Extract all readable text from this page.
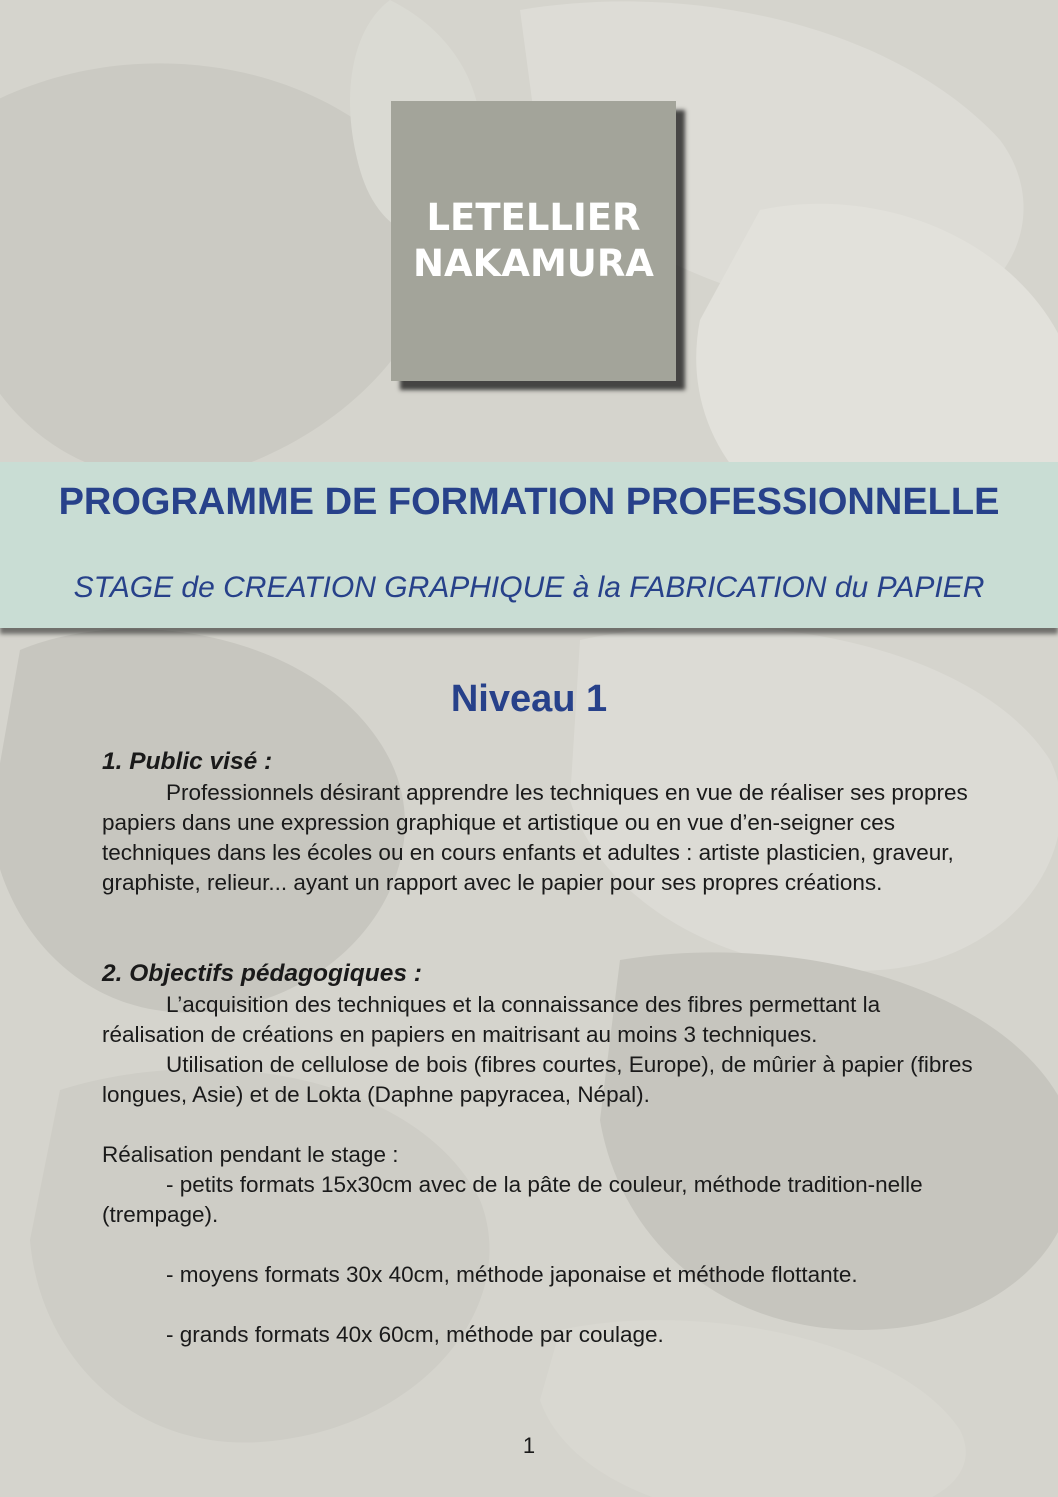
LETELLIER
NAKAMURA
PROGRAMME DE FORMATION PROFESSIONNELLE
STAGE de CREATION GRAPHIQUE à la FABRICATION du PAPIER
Niveau 1
1. Public visé :

Professionnels désirant apprendre les techniques en vue de réaliser ses propres papiers dans une expression graphique et artistique ou en vue d’en-seigner ces techniques dans les écoles ou en cours enfants et adultes : artiste plasticien, graveur, graphiste, relieur... ayant un rapport avec le papier pour ses propres créations.

2. Objectifs pédagogiques :

L’acquisition des techniques et la connaissance des fibres permettant la réalisation de créations en papiers en maitrisant au moins 3 techniques.

Utilisation de cellulose de bois (fibres courtes, Europe), de mûrier à papier (fibres longues, Asie) et de Lokta (Daphne papyracea, Népal).

Réalisation pendant le stage :

- petits formats 15x30cm avec de la pâte de couleur, méthode tradition-nelle (trempage).

- moyens formats 30x 40cm, méthode japonaise et méthode flottante.

- grands formats 40x 60cm, méthode par coulage.

1
